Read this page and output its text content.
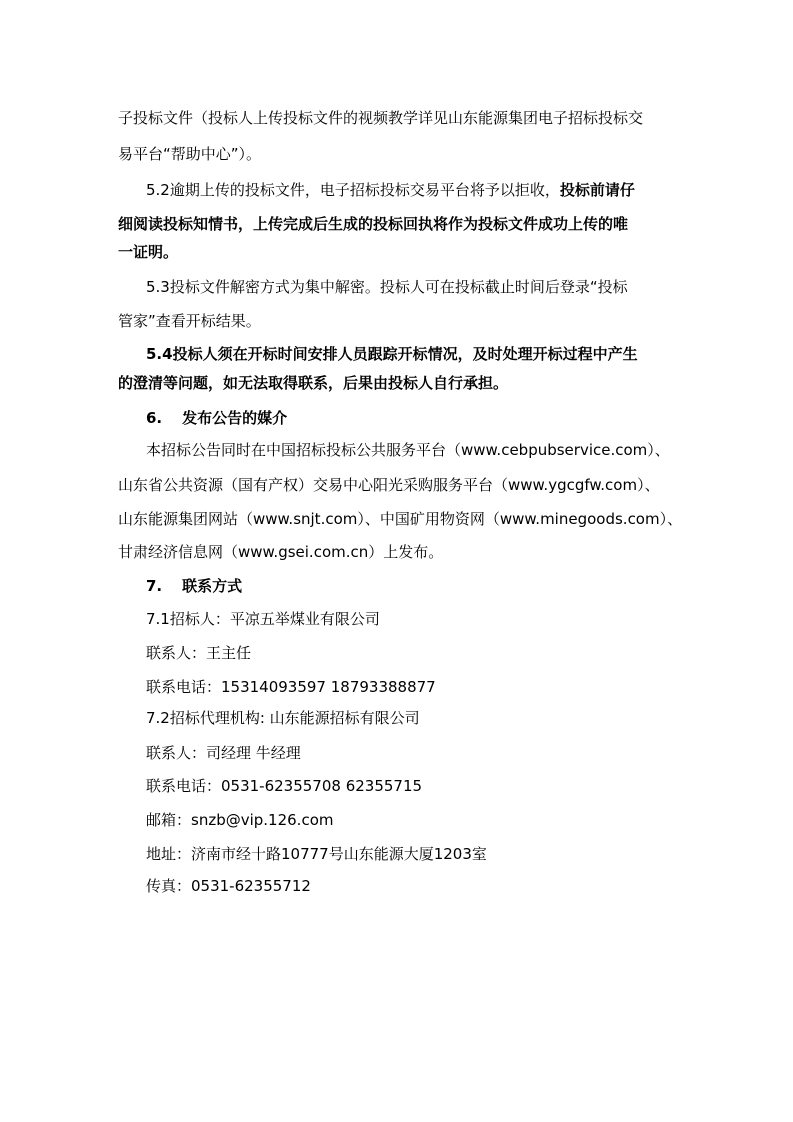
子投标文件（投标人上传投标文件的视频教学详见山东能源集团电子招标投标交
易平台“帮助中心”）。
5.2逾期上传的投标文件，电子招标投标交易平台将予以拒收，投标前请仔
细阅读投标知情书，上传完成后生成的投标回执将作为投标文件成功上传的唯
一证明。
5.3投标文件解密方式为集中解密。投标人可在投标截止时间后登录“投标
管家”查看开标结果。
5.4投标人须在开标时间安排人员跟踪开标情况，及时处理开标过程中产生
的澄清等问题，如无法取得联系，后果由投标人自行承担。
6. 发布公告的媒介
本招标公告同时在中国招标投标公共服务平台（www.cebpubservice.com）、
山东省公共资源（国有产权）交易中心阳光采购服务平台（www.ygcgfw.com）、
山东能源集团网站（www.snjt.com）、中国矿用物资网（www.minegoods.com）、
甘肃经济信息网（www.gsei.com.cn）上发布。
7. 联系方式
7.1招标人：平凉五举煤业有限公司
联系人：王主任
联系电话：15314093597 18793388877
7.2招标代理机构: 山东能源招标有限公司
联系人：司经理 牛经理
联系电话：0531-62355708 62355715
邮箱：snzb@vip.126.com
地址：济南市经十路10777号山东能源大厦1203室
传真：0531-62355712
